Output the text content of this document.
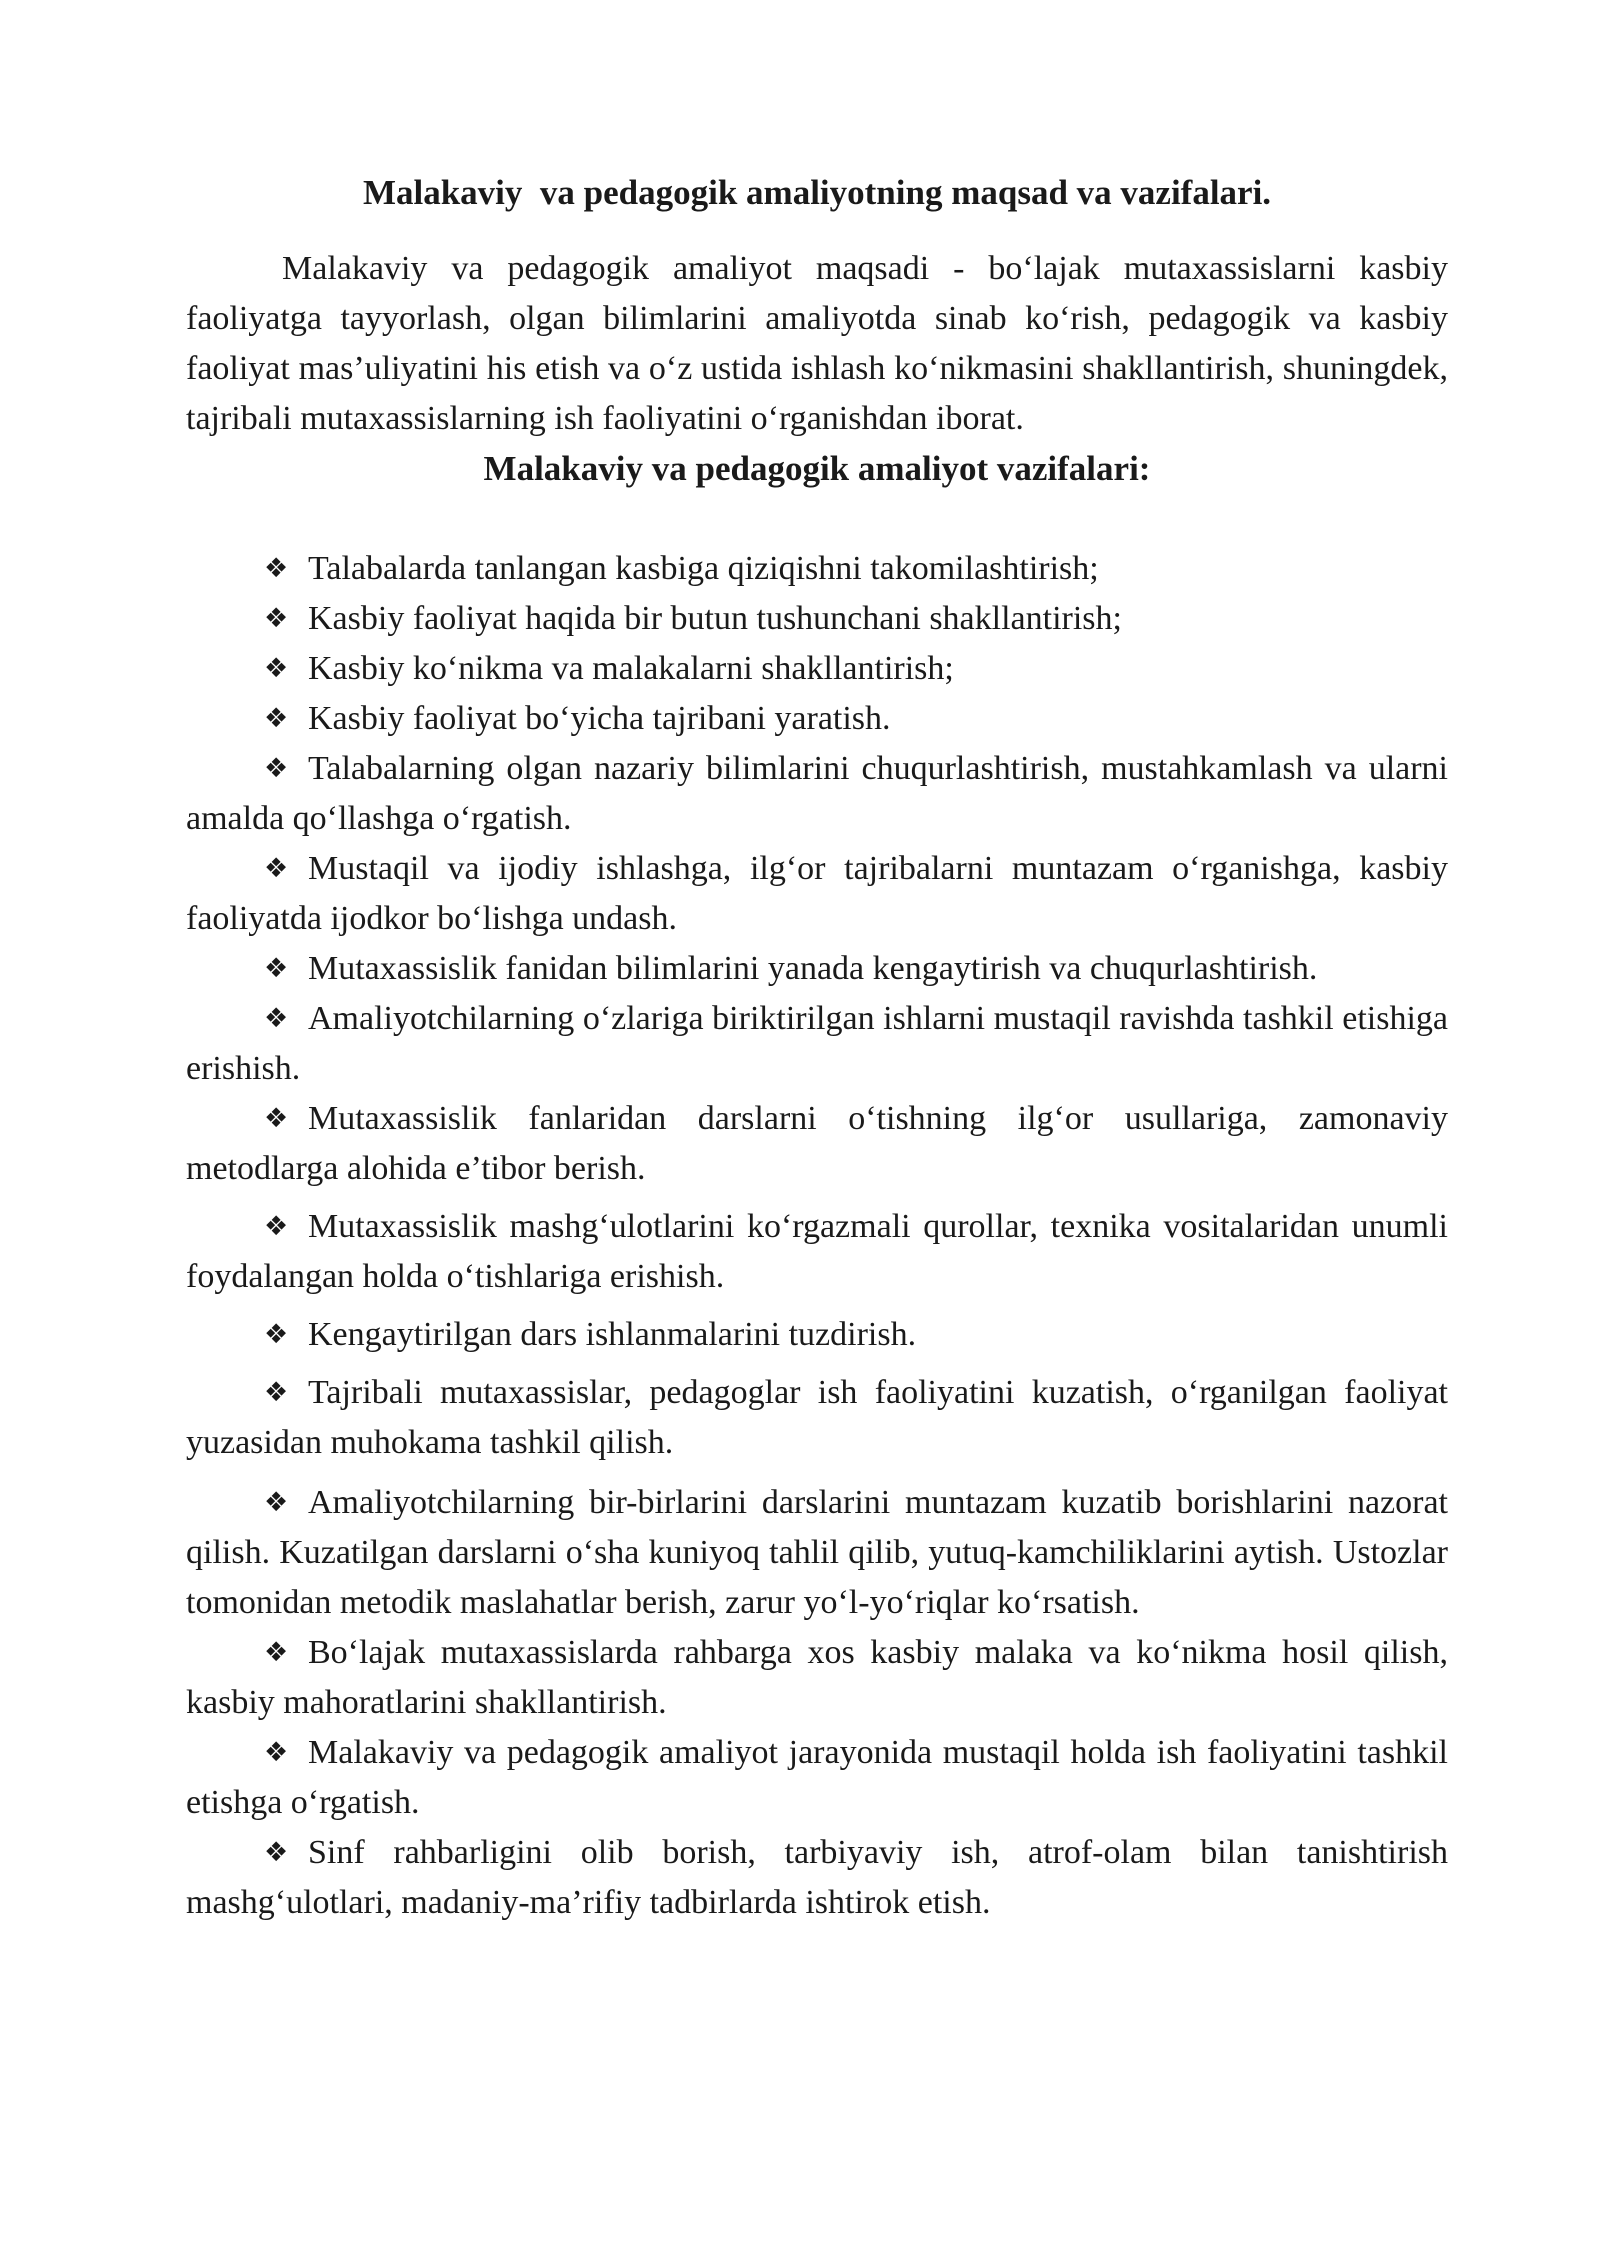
Malakaviy  va pedagogik amaliyotning maqsad va vazifalari.

Malakaviy va pedagogik amaliyot maqsadi - bo‘lajak mutaxassislarni kasbiy faoliyatga tayyorlash, olgan bilimlarini amaliyotda sinab ko‘rish, pedagogik va kasbiy faoliyat mas’uliyatini his etish va o‘z ustida ishlash ko‘nikmasini shakllantirish, shuningdek, tajribali mutaxassislarning ish faoliyatini o‘rganishdan iborat.

Malakaviy va pedagogik amaliyot vazifalari:
❖ Talabalarda tanlangan kasbiga qiziqishni takomilashtirish;
❖ Kasbiy faoliyat haqida bir butun tushunchani shakllantirish;
❖ Kasbiy ko‘nikma va malakalarni shakllantirish;
❖ Kasbiy faoliyat bo‘yicha tajribani yaratish.
❖ Talabalarning olgan nazariy bilimlarini chuqurlashtirish, mustahkamlash va ularni amalda qo‘llashga o‘rgatish.
❖ Mustaqil va ijodiy ishlashga, ilg‘or tajribalarni muntazam o‘rganishga, kasbiy faoliyatda ijodkor bo‘lishga undash.
❖ Mutaxassislik fanidan bilimlarini yanada kengaytirish va chuqurlashtirish.
❖ Amaliyotchilarning o‘zlariga biriktirilgan ishlarni mustaqil ravishda tashkil etishiga erishish.
❖ Mutaxassislik fanlaridan darslarni o‘tishning ilg‘or usullariga, zamonaviy metodlarga alohida e’tibor berish.
❖ Mutaxassislik mashg‘ulotlarini ko‘rgazmali qurollar, texnika vositalaridan unumli foydalangan holda o‘tishlariga erishish.
❖ Kengaytirilgan dars ishlanmalarini tuzdirish.
❖ Tajribali mutaxassislar, pedagoglar ish faoliyatini kuzatish, o‘rganilgan faoliyat yuzasidan muhokama tashkil qilish.
❖ Amaliyotchilarning bir-birlarini darslarini muntazam kuzatib borishlarini nazorat qilish. Kuzatilgan darslarni o‘sha kuniyoq tahlil qilib, yutuq-kamchiliklarini aytish. Ustozlar tomonidan metodik maslahatlar berish, zarur yo‘l-yo‘riqlar ko‘rsatish.
❖ Bo‘lajak mutaxassislarda rahbarga xos kasbiy malaka va ko‘nikma hosil qilish, kasbiy mahoratlarini shakllantirish.
❖ Malakaviy va pedagogik amaliyot jarayonida mustaqil holda ish faoliyatini tashkil etishga o‘rgatish.
❖ Sinf rahbarligini olib borish, tarbiyaviy ish, atrof-olam bilan tanishtirish mashg‘ulotlari, madaniy-ma’rifiy tadbirlarda ishtirok etish.
